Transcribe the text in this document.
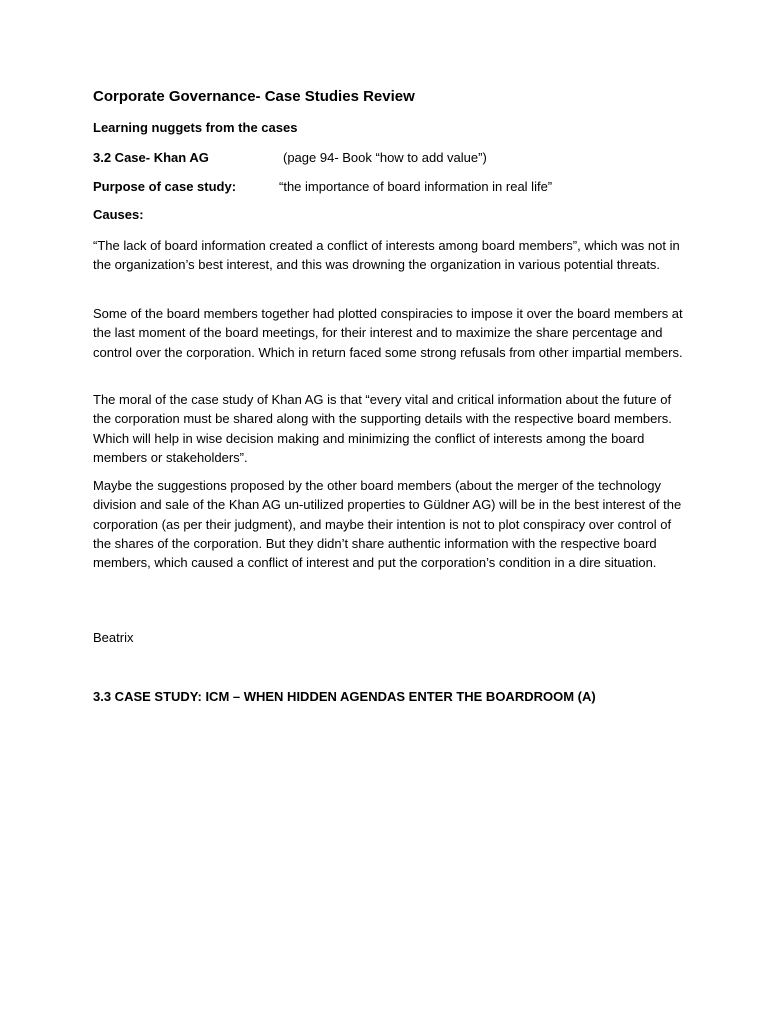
Corporate Governance- Case Studies Review
Learning nuggets from the cases
3.2 Case- Khan AG	(page 94- Book “how to add value”)
Purpose of case study:	“the importance of board information in real life”
Causes:
“The lack of board information created a conflict of interests among board members”, which was not in the organization’s best interest, and this was drowning the organization in various potential threats.
Some of the board members together had plotted conspiracies to impose it over the board members at the last moment of the board meetings, for their interest and to maximize the share percentage and control over the corporation. Which in return faced some strong refusals from other impartial members.
The moral of the case study of Khan AG is that “every vital and critical information about the future of the corporation must be shared along with the supporting details with the respective board members. Which will help in wise decision making and minimizing the conflict of interests among the board members or stakeholders”.
Maybe the suggestions proposed by the other board members (about the merger of the technology division and sale of the Khan AG un-utilized properties to Güldner AG) will be in the best interest of the corporation (as per their judgment), and maybe their intention is not to plot conspiracy over control of the shares of the corporation. But they didn’t share authentic information with the respective board members, which caused a conflict of interest and put the corporation’s condition in a dire situation.
Beatrix
3.3 CASE STUDY: ICM – WHEN HIDDEN AGENDAS ENTER THE BOARDROOM (A)
